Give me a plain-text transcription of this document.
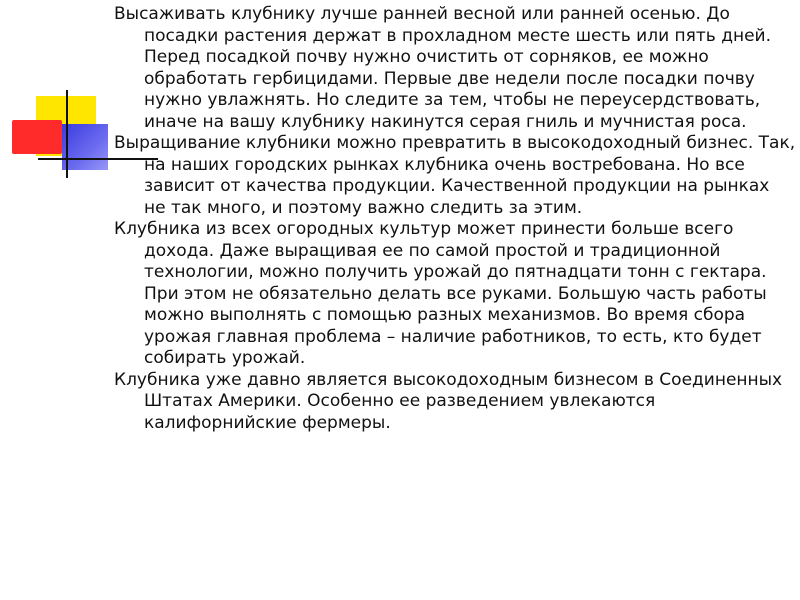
Высаживать клубнику лучше ранней весной или ранней осенью. До посадки растения держат в прохладном месте шесть или пять дней. Перед посадкой почву нужно очистить от сорняков, ее можно обработать гербицидами. Первые две недели после посадки почву нужно увлажнять. Но следите за тем, чтобы не переусердствовать, иначе на вашу клубнику накинутся серая гниль и мучнистая роса.

Выращивание клубники можно превратить в высокодоходный бизнес. Так, на наших городских рынках клубника очень востребована. Но все зависит от качества продукции. Качественной продукции на рынках не так много, и поэтому важно следить за этим.

Клубника из всех огородных культур может принести больше всего дохода. Даже выращивая ее по самой простой и традиционной технологии, можно получить урожай до пятнадцати тонн с гектара. При этом не обязательно делать все руками. Большую часть работы можно выполнять с помощью разных механизмов. Во время сбора урожая главная проблема – наличие работников, то есть, кто будет собирать урожай.

Клубника уже давно является высокодоходным бизнесом в Соединенных Штатах Америки. Особенно ее разведением увлекаются калифорнийские фермеры.
